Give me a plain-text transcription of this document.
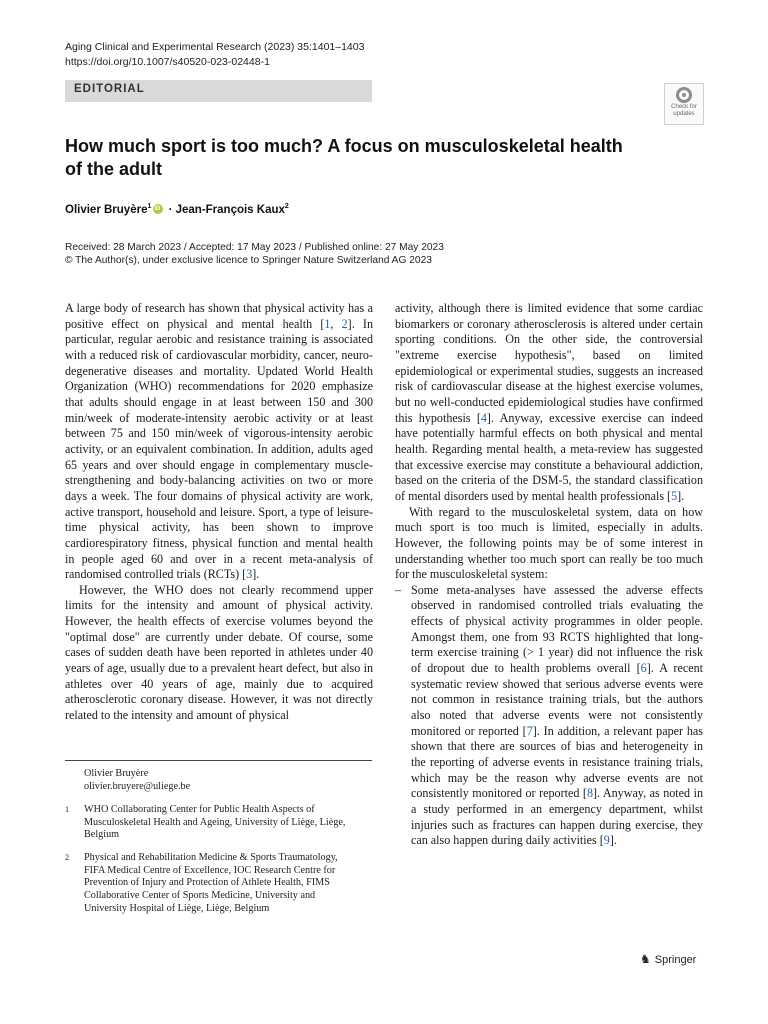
Aging Clinical and Experimental Research (2023) 35:1401–1403
https://doi.org/10.1007/s40520-023-02448-1
EDITORIAL
Check for
updates
How much sport is too much? A focus on musculoskeletal health of the adult
Olivier Bruyère$^1$iD · Jean-François Kaux$^2$
Received: 28 March 2023 / Accepted: 17 May 2023 / Published online: 27 May 2023
© The Author(s), under exclusive licence to Springer Nature Switzerland AG 2023

A large body of research has shown that physical activity has a positive effect on physical and mental health [1, 2]. In particular, regular aerobic and resistance training is associated with a reduced risk of cardiovascular morbidity, cancer, neuro-degenerative diseases and mortality. Updated World Health Organization (WHO) recommendations for 2020 emphasize that adults should engage in at least between 150 and 300 min/week of moderate-intensity aerobic activity or at least between 75 and 150 min/week of vigorous-intensity aerobic activity, or an equivalent combination. In addition, adults aged 65 years and over should engage in complementary muscle-strengthening and body-balancing activities on two or more days a week. The four domains of physical activity are work, active transport, household and leisure. Sport, a type of leisure-time physical activity, has been shown to improve cardiorespiratory fitness, physical function and mental health in people aged 60 and over in a recent meta-analysis of randomised controlled trials (RCTs) [3].

However, the WHO does not clearly recommend upper limits for the intensity and amount of physical activity. However, the health effects of exercise volumes beyond the "optimal dose" are currently under debate. Of course, some cases of sudden death have been reported in athletes under 40 years of age, usually due to a prevalent heart defect, but also in athletes over 40 years of age, mainly due to acquired atherosclerotic coronary disease. However, it was not directly related to the intensity and amount of physical

activity, although there is limited evidence that some cardiac biomarkers or coronary atherosclerosis is altered under certain sporting conditions. On the other side, the controversial "extreme exercise hypothesis", based on limited epidemiological or experimental studies, suggests an increased risk of cardiovascular disease at the highest exercise volumes, but no well-conducted epidemiological studies have confirmed this hypothesis [4]. Anyway, excessive exercise can indeed have potentially harmful effects on both physical and mental health. Regarding mental health, a meta-review has suggested that excessive exercise may constitute a behavioural addiction, based on the criteria of the DSM-5, the standard classification of mental disorders used by mental health professionals [5].

With regard to the musculoskeletal system, data on how much sport is too much is limited, especially in adults. However, the following points may be of some interest in understanding whether too much sport can really be too much for the musculoskeletal system:

– Some meta-analyses have assessed the adverse effects observed in randomised controlled trials evaluating the effects of physical activity programmes in older people. Amongst them, one from 93 RCTS highlighted that long-term exercise training (> 1 year) did not influence the risk of dropout due to health problems overall [6]. A recent systematic review showed that serious adverse events were not common in resistance training trials, but the authors also noted that adverse events were not consistently monitored or reported [7]. In addition, a relevant paper has shown that there are sources of bias and heterogeneity in the reporting of adverse events in resistance training trials, which may be the reason why adverse events are not consistently monitored or reported [8]. Anyway, as noted in a study performed in an emergency department, whilst injuries such as fractures can happen during exercise, they can also happen during daily activities [9].

Olivier Bruyère
olivier.bruyere@uliege.be
1	WHO Collaborating Center for Public Health Aspects of Musculoskeletal Health and Ageing, University of Liège, Liège, Belgium
2	Physical and Rehabilitation Medicine & Sports Traumatology, FIFA Medical Centre of Excellence, IOC Research Centre for Prevention of Injury and Protection of Athlete Health, FIMS Collaborative Center of Sports Medicine, University and University Hospital of Liège, Liège, Belgium
♞ Springer
